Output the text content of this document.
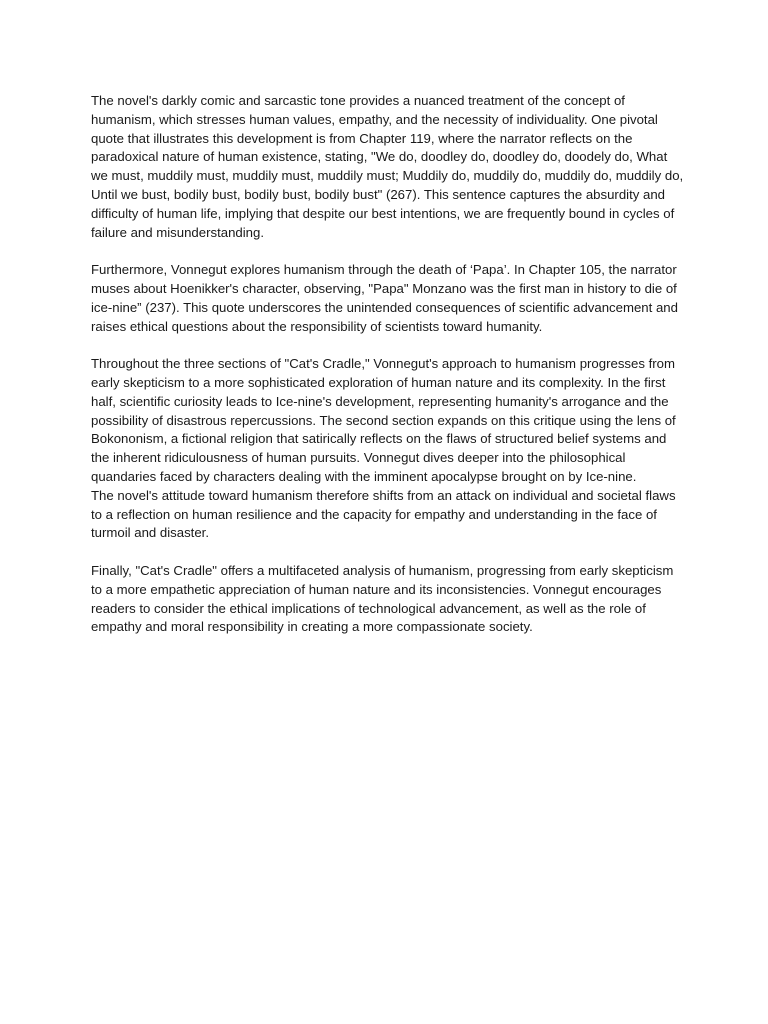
The novel's darkly comic and sarcastic tone provides a nuanced treatment of the concept of humanism, which stresses human values, empathy, and the necessity of individuality. One pivotal quote that illustrates this development is from Chapter 119, where the narrator reflects on the paradoxical nature of human existence, stating, "We do, doodley do, doodley do, doodely do, What we must, muddily must, muddily must, muddily must; Muddily do, muddily do, muddily do, muddily do, Until we bust, bodily bust, bodily bust, bodily bust" (267). This sentence captures the absurdity and difficulty of human life, implying that despite our best intentions, we are frequently bound in cycles of failure and misunderstanding.

Furthermore, Vonnegut explores humanism through the death of ‘Papa’. In Chapter 105, the narrator muses about Hoenikker's character, observing, "Papa" Monzano was the first man in history to die of ice-nine” (237). This quote underscores the unintended consequences of scientific advancement and raises ethical questions about the responsibility of scientists toward humanity.

Throughout the three sections of "Cat's Cradle," Vonnegut's approach to humanism progresses from early skepticism to a more sophisticated exploration of human nature and its complexity. In the first half, scientific curiosity leads to Ice-nine's development, representing humanity's arrogance and the possibility of disastrous repercussions. The second section expands on this critique using the lens of Bokononism, a fictional religion that satirically reflects on the flaws of structured belief systems and the inherent ridiculousness of human pursuits. Vonnegut dives deeper into the philosophical quandaries faced by characters dealing with the imminent apocalypse brought on by Ice-nine.

The novel's attitude toward humanism therefore shifts from an attack on individual and societal flaws to a reflection on human resilience and the capacity for empathy and understanding in the face of turmoil and disaster.

Finally, "Cat's Cradle" offers a multifaceted analysis of humanism, progressing from early skepticism to a more empathetic appreciation of human nature and its inconsistencies. Vonnegut encourages readers to consider the ethical implications of technological advancement, as well as the role of empathy and moral responsibility in creating a more compassionate society.
